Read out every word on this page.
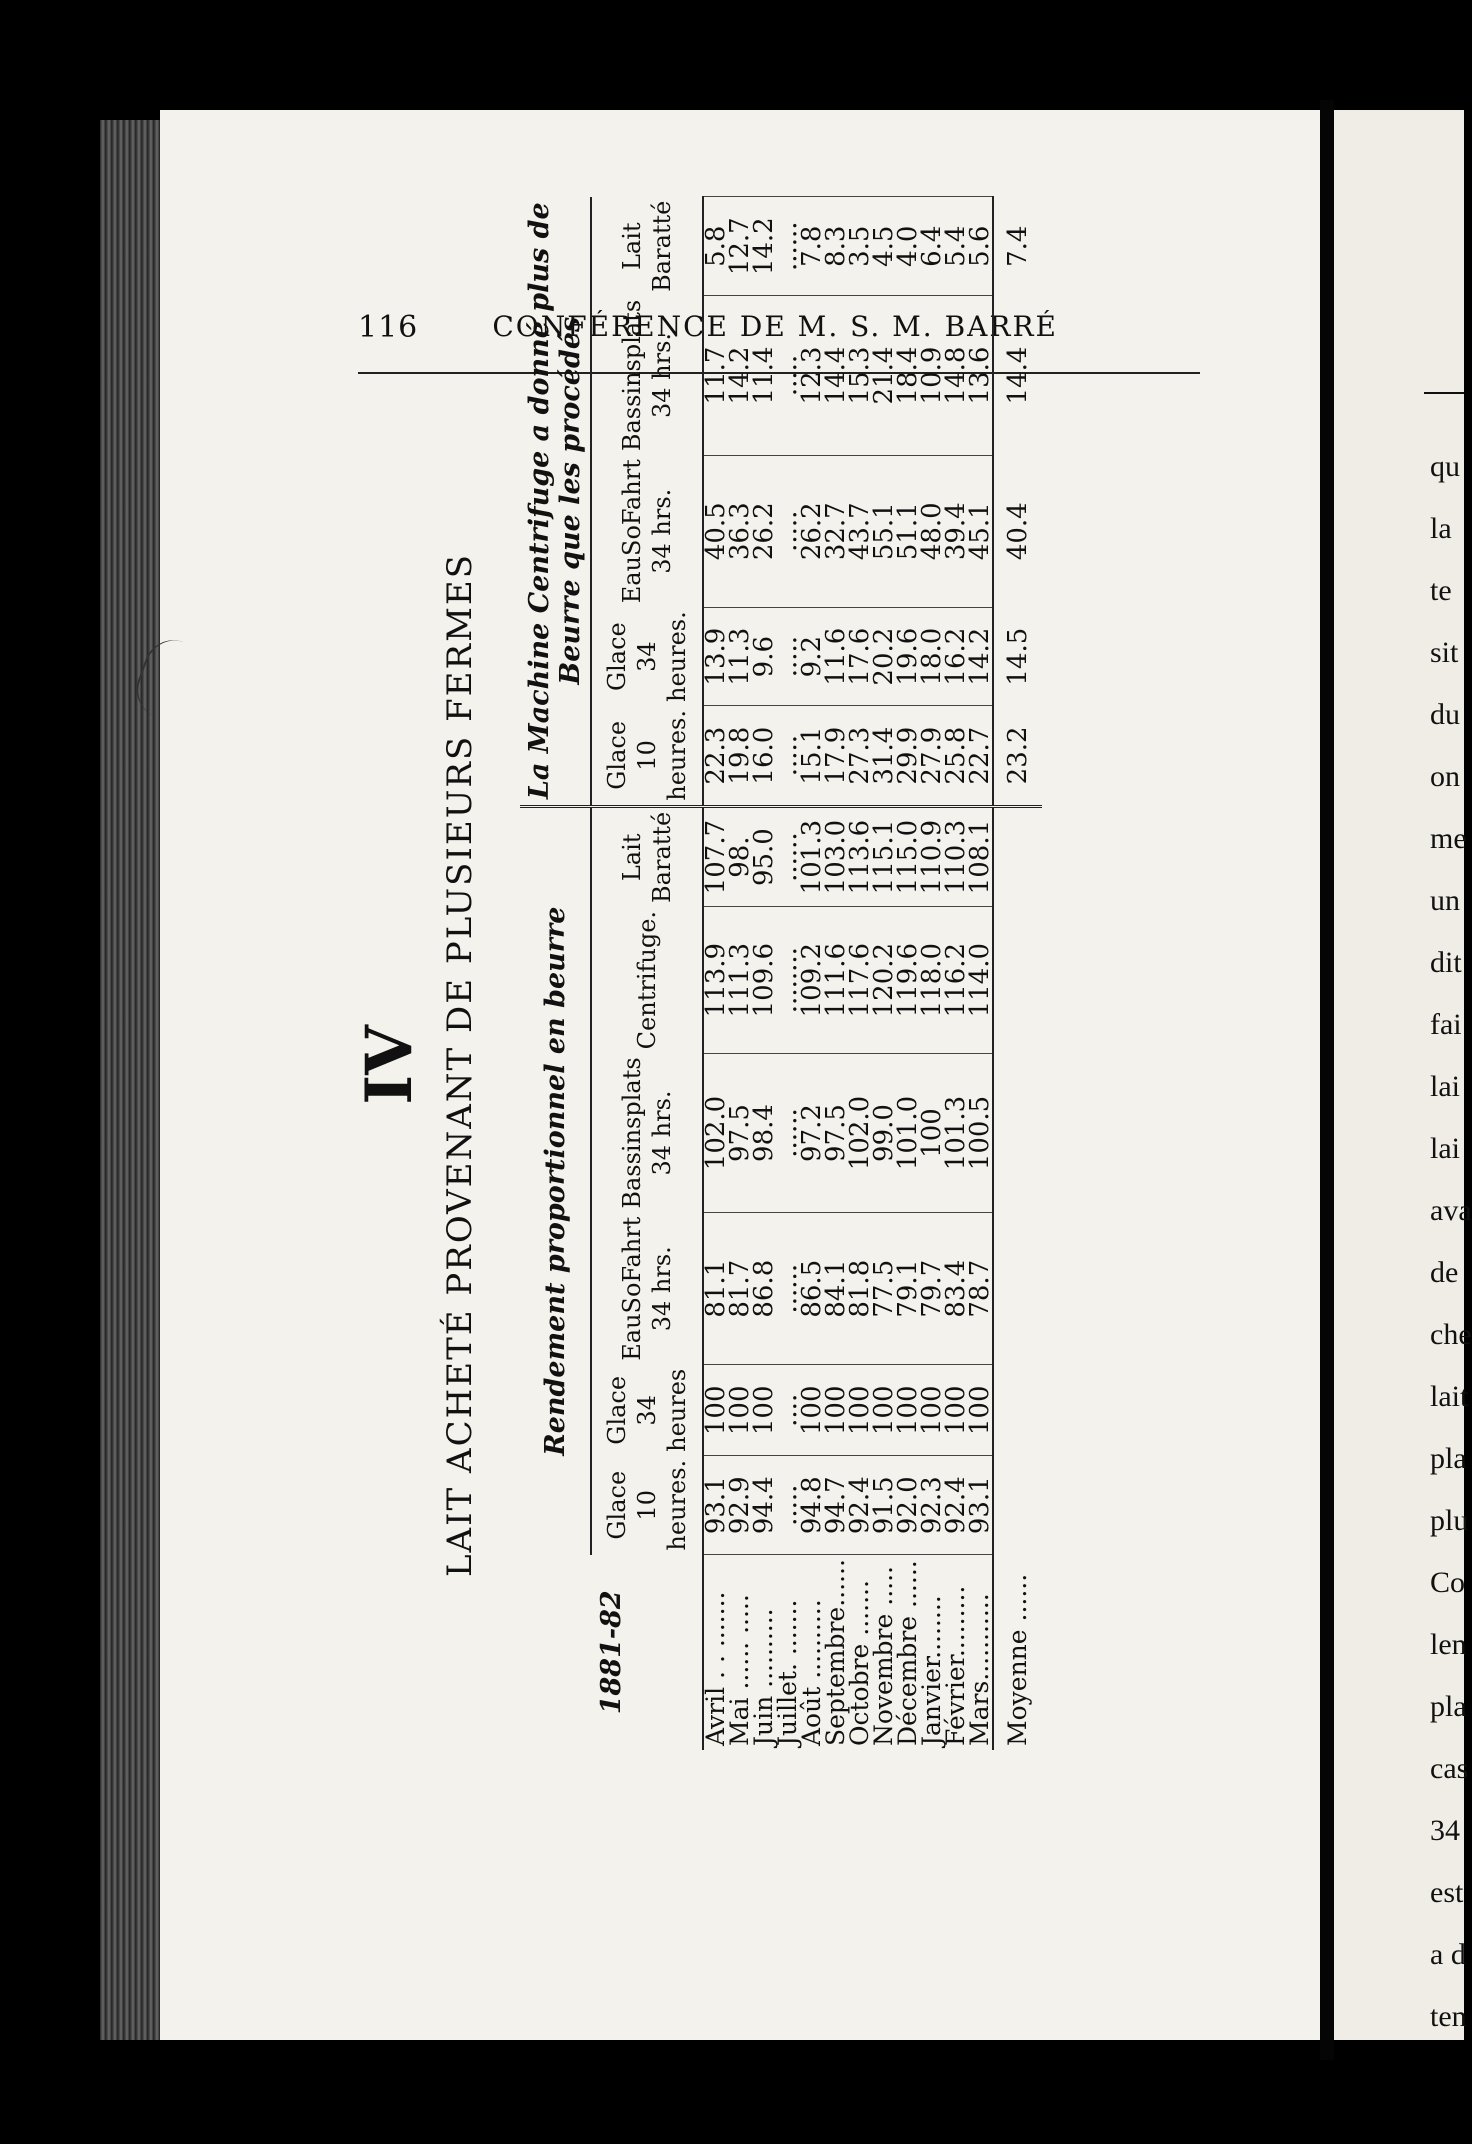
qu
la
te
sit
du
on
me
un
dit
fai
lai
lai
ava
de
che
lait
pla
plu
Co
len
pla
cas
34
est
a d
ten
116	CONFÉRENCE DE M. S. M. BARRÉ
IV LAIT ACHETÉ PROVENANT DE PLUSIEURS FERMES
1881-82	Rendement proportionnel en beurre						La Machine Centrifuge a donné plus de Beurre que les procédés				
	Glace 10 heures.	Glace 34 heures	EauSoFahrt 34 hrs.	Bassinsplats 34 hrs.	Centrifuge.	Lait Baratté	Glace 10 heures.	Glace 34 heures.	EauSoFahrt 34 hrs.	Bassinsplats 34 hrs.	Lait Baratté
Avril . . .......	93.1	100	81.1	102.0	113.9	107.7	22.3	13.9	40.5	11.7	5.8
Mai ...... .....	92.9	100	81.7	97.5	111.3	98.	19.8	11.3	36.3	14.2	12.7
Juin ..........	94.4	100	86.8	98.4	109.6	95.0	16.0	9.6	26.2	11.4	14.2
Juillet. .......	.....	....	......	......	........	......	.....	.....	.....	.....	......
Août ..........	94.8	100	86.5	97.2	109.2	101.3	15.1	9.2	26.2	12.3	7.8
Septembre......	94.7	100	84.1	97.5	111.6	103.0	17.9	11.6	32.7	14.4	8.3
Octobre .......	92.4	100	81.8	102.0	117.6	113.6	27.3	17.6	43.7	15.3	3.5
Novembre .....	91.5	100	77.5	99.0	120.2	115.1	31.4	20.2	55.1	21.4	4.5
Décembre ......	92.0	100	79.1	101.0	119.6	115.0	29.9	19.6	51.1	18.4	4.0
Janvier........	92.3	100	79.7	100	118.0	110.9	27.9	18.0	48.0	10.9	6.4
Février.........	92.4	100	83.4	101.3	116.2	110.3	25.8	16.2	39.4	14.8	5.4
Mars...........	93.1	100	78.7	100.5	114.0	108.1	22.7	14.2	45.1	13.6	5.6
Moyenne ......							23.2	14.5	40.4	14.4	7.4
